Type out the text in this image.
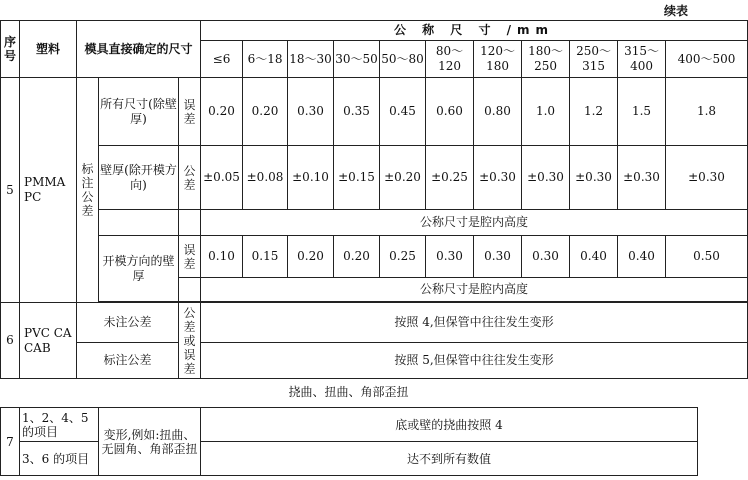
续表
序号	塑料	模具直接确定的尺寸			公 称 尺 寸 /mm										
					≤6	6～18	18～30	30～50	50～80	80～120	120～180	180～250	250～315	315～400	400～500
5	PMMA PC	标注公差	所有尺寸(除壁厚)	误差	0.20	0.20	0.30	0.35	0.45	0.60	0.80	1.0	1.2	1.5	1.8
			壁厚(除开模方向)	公差	±0.05	±0.08	±0.10	±0.15	±0.20	±0.25	±0.30	±0.30	±0.30	±0.30	±0.30
					公称尺寸是腔内高度										
			开模方向的壁厚	误差	0.10	0.15	0.20	0.20	0.25	0.30	0.30	0.30	0.40	0.40	0.50
					公称尺寸是腔内高度										

6	PVC CA CAB	未注公差		公差或误差	按照 4,但保管中往往发生变形										
		标注公差			按照 5,但保管中往往发生变形										
挠曲、扭曲、角部歪扭
7	1、2、4、5的项目	变形,例如:扭曲、无圆角、角部歪扭	底或壁的挠曲按照 4
	3、6 的项目		达不到所有数值
